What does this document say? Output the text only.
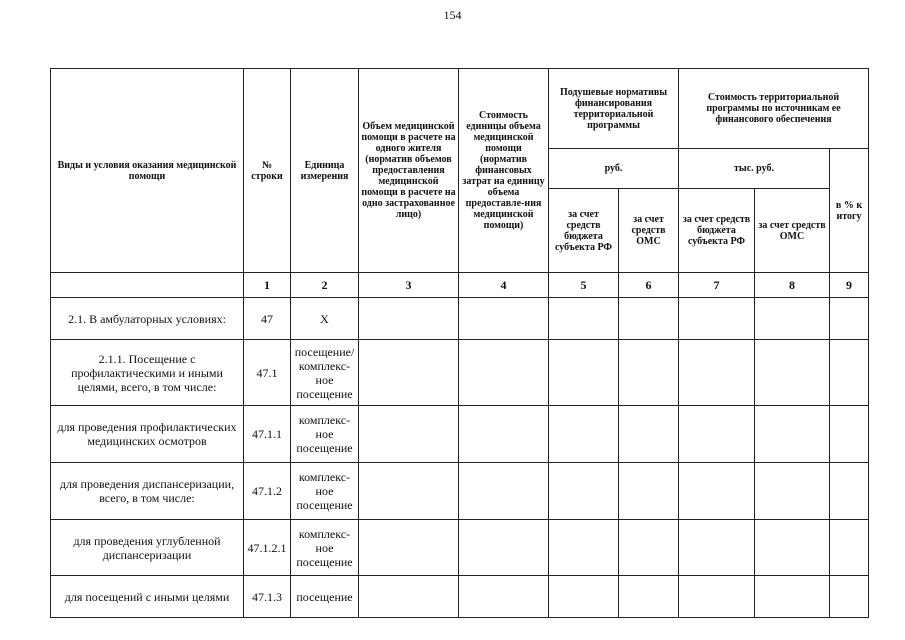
154
Виды и условия оказания медицинской помощи	№ строки	Единица измерения	Объем медицинской помощи в расчете на одного жителя (норматив объемов предоставления медицинской помощи в расчете на одно застрахованное лицо)	Стоимость единицы объема медицинской помощи (норматив финансовых затрат на единицу объема предоставле-ния медицинской помощи)	Подушевые нормативы финансирования территориальной программы		Стоимость территориальной программы по источникам ее финансового обеспечения		
					руб.		тыс. руб.		в % к итогу
					за счет средств бюджета субъекта РФ	за счет средств ОМС	за счет средств бюджета субъекта РФ	за счет средств ОМС	
	1	2	3	4	5	6	7	8	9
2.1. В амбулаторных условиях:	47	Х							
2.1.1. Посещение с профилактическими и иными целями, всего, в том числе:	47.1	посещение/ комплекс-ное посещение							
для проведения профилактических медицинских осмотров	47.1.1	комплекс-ное посещение							
для проведения диспансеризации, всего, в том числе:	47.1.2	комплекс-ное посещение							
для проведения углубленной диспансеризации	47.1.2.1	комплекс-ное посещение							
для посещений с иными целями	47.1.3	посещение							
